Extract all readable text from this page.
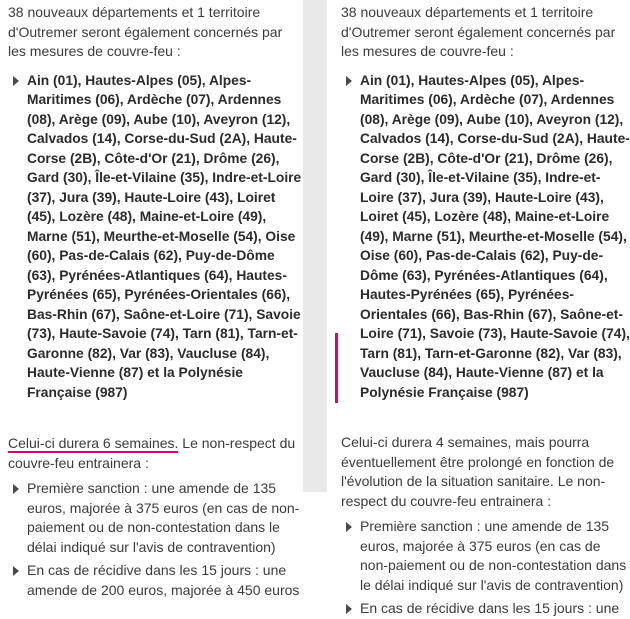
38 nouveaux départements et 1 territoire d'Outremer seront également concernés par les mesures de couvre-feu :

Ain (01), Hautes-Alpes (05), Alpes-Maritimes (06), Ardèche (07), Ardennes (08), Arège (09), Aube (10), Aveyron (12), Calvados (14), Corse-du-Sud (2A), Haute-Corse (2B), Côte-d'Or (21), Drôme (26), Gard (30), Île-et-Vilaine (35), Indre-et-Loire (37), Jura (39), Haute-Loire (43), Loiret (45), Lozère (48), Maine-et-Loire (49), Marne (51), Meurthe-et-Moselle (54), Oise (60), Pas-de-Calais (62), Puy-de-Dôme (63), Pyrénées-Atlantiques (64), Hautes-Pyrénées (65), Pyrénées-Orientales (66), Bas-Rhin (67), Saône-et-Loire (71), Savoie (73), Haute-Savoie (74), Tarn (81), Tarn-et-Garonne (82), Var (83), Vaucluse (84), Haute-Vienne (87) et la Polynésie Française (987)

Celui-ci durera 6 semaines. Le non-respect du couvre-feu entrainera :

Première sanction : une amende de 135 euros, majorée à 375 euros (en cas de non-paiement ou de non-contestation dans le délai indiqué sur l'avis de contravention)
En cas de récidive dans les 15 jours : une amende de 200 euros, majorée à 450 euros

38 nouveaux départements et 1 territoire d'Outremer seront également concernés par les mesures de couvre-feu :

Ain (01), Hautes-Alpes (05), Alpes-Maritimes (06), Ardèche (07), Ardennes (08), Arège (09), Aube (10), Aveyron (12), Calvados (14), Corse-du-Sud (2A), Haute-Corse (2B), Côte-d'Or (21), Drôme (26), Gard (30), Île-et-Vilaine (35), Indre-et-Loire (37), Jura (39), Haute-Loire (43), Loiret (45), Lozère (48), Maine-et-Loire (49), Marne (51), Meurthe-et-Moselle (54), Oise (60), Pas-de-Calais (62), Puy-de-Dôme (63), Pyrénées-Atlantiques (64), Hautes-Pyrénées (65), Pyrénées-Orientales (66), Bas-Rhin (67), Saône-et-Loire (71), Savoie (73), Haute-Savoie (74), Tarn (81), Tarn-et-Garonne (82), Var (83), Vaucluse (84), Haute-Vienne (87) et la Polynésie Française (987)

Celui-ci durera 4 semaines, mais pourra éventuellement être prolongé en fonction de l'évolution de la situation sanitaire. Le non-respect du couvre-feu entrainera :

Première sanction : une amende de 135 euros, majorée à 375 euros (en cas de non-paiement ou de non-contestation dans le délai indiqué sur l'avis de contravention)
En cas de récidive dans les 15 jours : une
